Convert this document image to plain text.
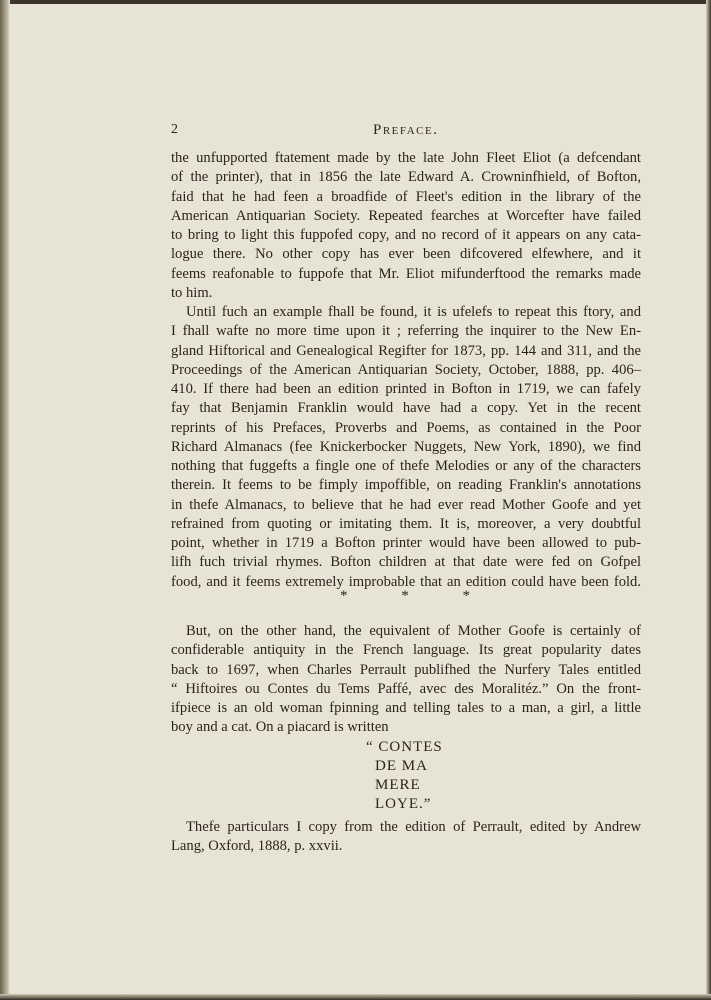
2	Preface.
the unfupported ftatement made by the late John Fleet Eliot (a defcendant
of the printer), that in 1856 the late Edward A. Crowninfhield, of Bofton,
faid that he had feen a broadfide of Fleet's edition in the library of the
American Antiquarian Society. Repeated fearches at Worcefter have failed
to bring to light this fuppofed copy, and no record of it appears on any cata-
logue there. No other copy has ever been difcovered elfewhere, and it
feems reafonable to fuppofe that Mr. Eliot mifunderftood the remarks made
to him.
Until fuch an example fhall be found, it is ufelefs to repeat this ftory, and
I fhall wafte no more time upon it ; referring the inquirer to the New En-
gland Hiftorical and Genealogical Regifter for 1873, pp. 144 and 311, and the
Proceedings of the American Antiquarian Society, October, 1888, pp. 406–
410. If there had been an edition printed in Bofton in 1719, we can fafely
fay that Benjamin Franklin would have had a copy. Yet in the recent
reprints of his Prefaces, Proverbs and Poems, as contained in the Poor
Richard Almanacs (fee Knickerbocker Nuggets, New York, 1890), we find
nothing that fuggefts a fingle one of thefe Melodies or any of the characters
therein. It feems to be fimply impoffible, on reading Franklin's annotations
in thefe Almanacs, to believe that he had ever read Mother Goofe and yet
refrained from quoting or imitating them. It is, moreover, a very doubtful
point, whether in 1719 a Bofton printer would have been allowed to pub-
lifh fuch trivial rhymes. Bofton children at that date were fed on Gofpel
food, and it feems extremely improbable that an edition could have been fold.
*	*	*
But, on the other hand, the equivalent of Mother Goofe is certainly of
confiderable antiquity in the French language. Its great popularity dates
back to 1697, when Charles Perrault publifhed the Nurfery Tales entitled
“ Hiftoires ou Contes du Tems Paffé, avec des Moralitéz.” On the front-
ifpiece is an old woman fpinning and telling tales to a man, a girl, a little
boy and a cat. On a piacard is written
“ CONTES
DE MA
MERE
LOYE.”
Thefe particulars I copy from the edition of Perrault, edited by Andrew
Lang, Oxford, 1888, p. xxvii.
